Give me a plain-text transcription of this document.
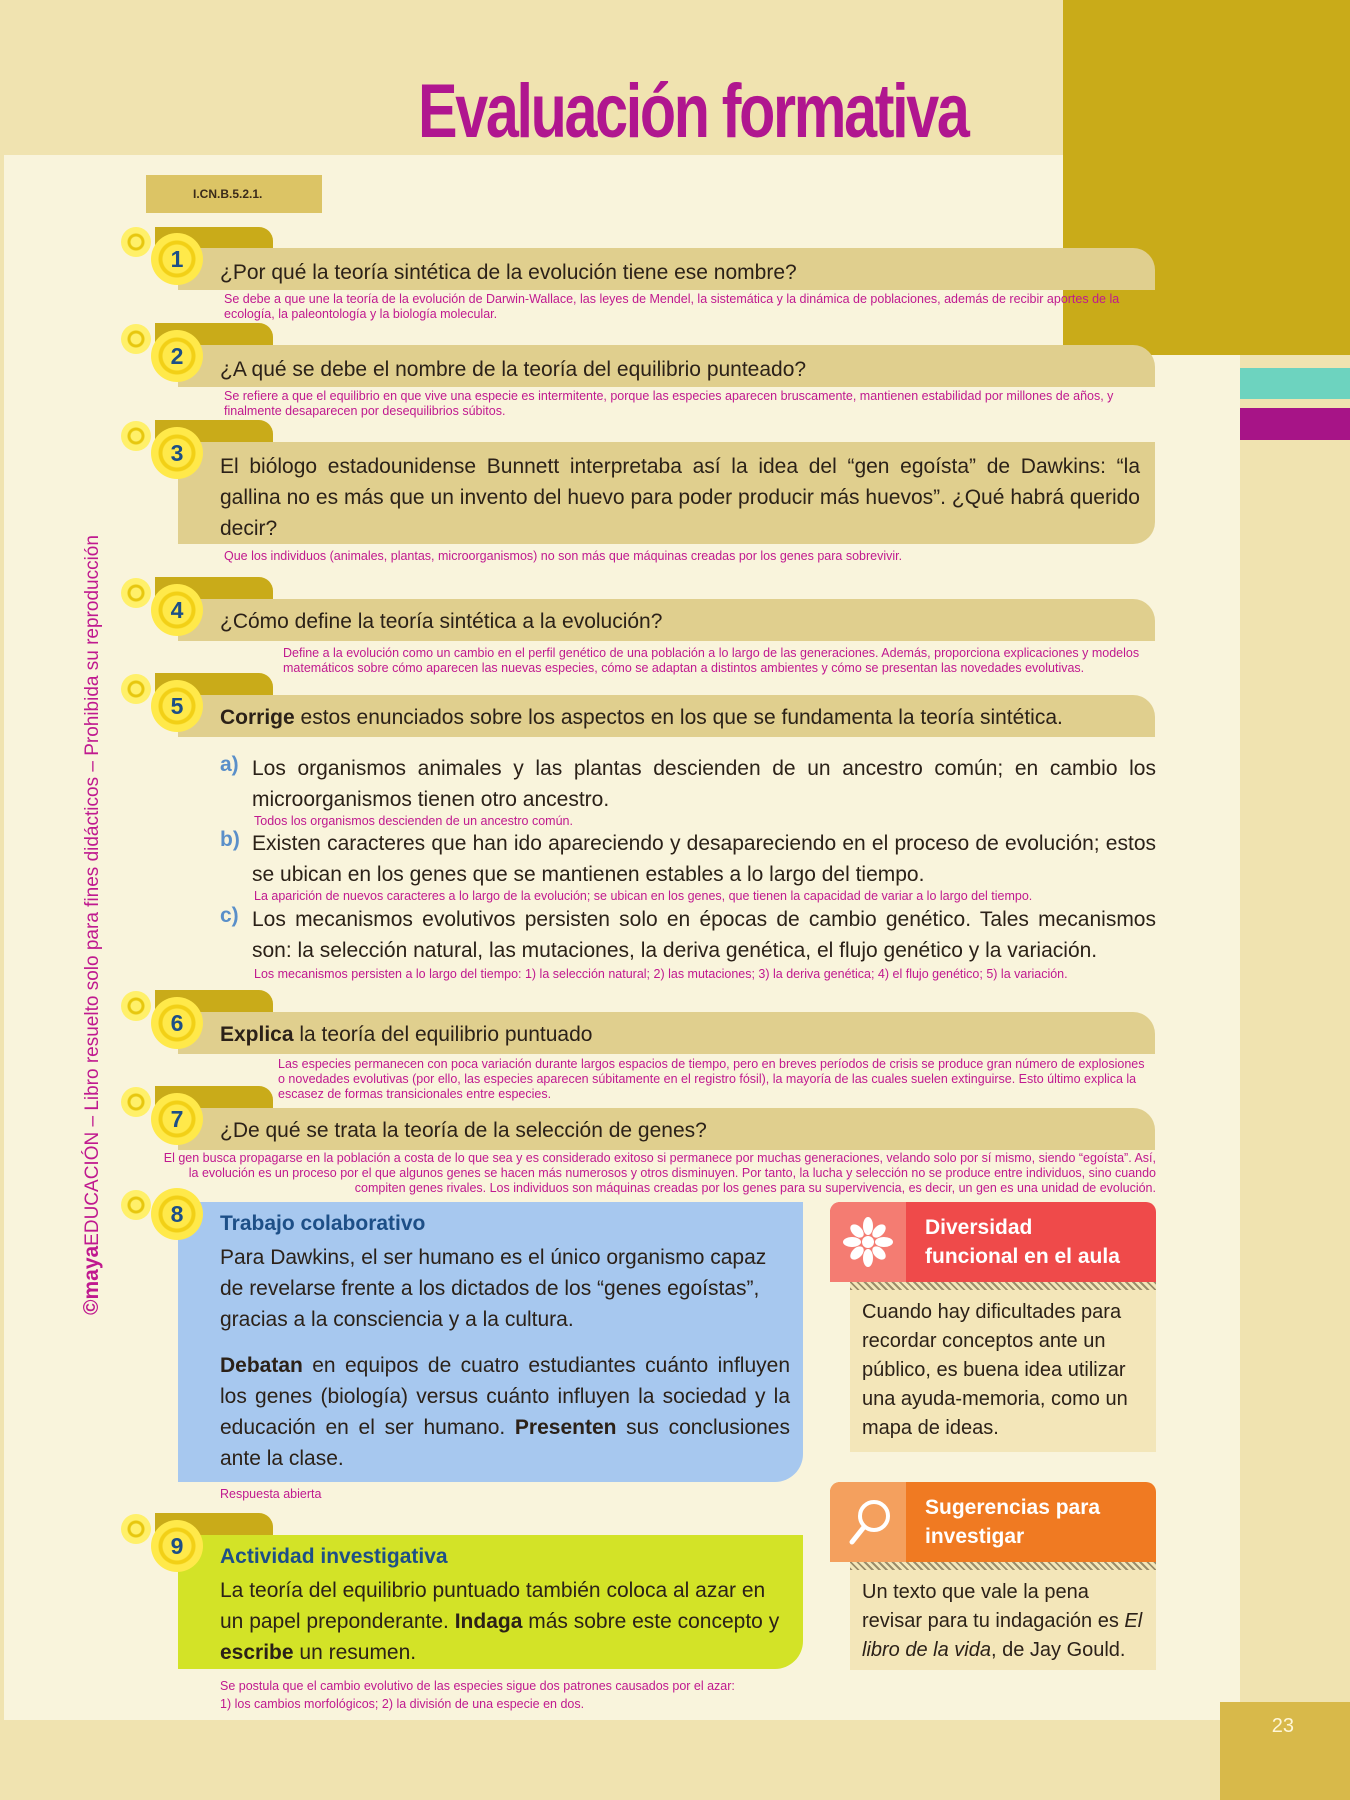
23
Evaluación formativa
I.CN.B.5.2.1.
©mayaEDUCACIÓN – Libro resuelto solo para fines didácticos – Prohibida su reproducción
1
¿Por qué la teoría sintética de la evolución tiene ese nombre?
Se debe a que une la teoría de la evolución de Darwin-Wallace, las leyes de Mendel, la sistemática y la dinámica de poblaciones, además de recibir aportes de la ecología, la paleontología y la biología molecular.
2
¿A qué se debe el nombre de la teoría del equilibrio punteado?
Se refiere a que el equilibrio en que vive una especie es intermitente, porque las especies aparecen bruscamente, mantienen estabilidad por millones de años, y finalmente desaparecen por desequilibrios súbitos.
3
El biólogo estadounidense Bunnett interpretaba así la idea del “gen egoísta” de Dawkins: “la gallina no es más que un invento del huevo para poder producir más huevos”. ¿Qué habrá querido decir?
Que los individuos (animales, plantas, microorganismos) no son más que máquinas creadas por los genes para sobrevivir.
4	¿Cómo define la teoría sintética a la evolución?
Define a la evolución como un cambio en el perfil genético de una población a lo largo de las generaciones. Además, proporciona explicaciones y modelos matemáticos sobre cómo aparecen las nuevas especies, cómo se adaptan a distintos ambientes y cómo se presentan las novedades evolutivas.
5	Corrige estos enunciados sobre los aspectos en los que se fundamenta la teoría sintética.
a) Los organismos animales y las plantas descienden de un ancestro común; en cambio los microorganismos tienen otro ancestro.
Todos los organismos descienden de un ancestro común.
b) Existen caracteres que han ido apareciendo y desapareciendo en el proceso de evolución; estos se ubican en los genes que se mantienen estables a lo largo del tiempo.
La aparición de nuevos caracteres a lo largo de la evolución; se ubican en los genes, que tienen la capacidad de variar a lo largo del tiempo.
c) Los mecanismos evolutivos persisten solo en épocas de cambio genético. Tales mecanismos son: la selección natural, las mutaciones, la deriva genética, el flujo genético y la variación.
Los mecanismos persisten a lo largo del tiempo: 1) la selección natural; 2) las mutaciones; 3) la deriva genética; 4) el flujo genético; 5) la variación.
6	Explica la teoría del equilibrio puntuado
Las especies permanecen con poca variación durante largos espacios de tiempo, pero en breves períodos de crisis se produce gran número de explosiones o novedades evolutivas (por ello, las especies aparecen súbitamente en el registro fósil), la mayoría de las cuales suelen extinguirse. Esto último explica la escasez de formas transicionales entre especies.
7	¿De qué se trata la teoría de la selección de genes?
El gen busca propagarse en la población a costa de lo que sea y es considerado exitoso si permanece por muchas generaciones, velando solo por sí mismo, siendo “egoísta”. Así, la evolución es un proceso por el que algunos genes se hacen más numerosos y otros disminuyen. Por tanto, la lucha y selección no se produce entre individuos, sino cuando compiten genes rivales. Los individuos son máquinas creadas por los genes para su supervivencia, es decir, un gen es una unidad de evolución.
8	Trabajo colaborativo
Para Dawkins, el ser humano es el único organismo capaz de revelarse frente a los dictados de los “genes egoístas”, gracias a la consciencia y a la cultura.
Debatan en equipos de cuatro estudiantes cuánto influyen los genes (biología) versus cuánto influyen la sociedad y la educación en el ser humano. Presenten sus conclusiones ante la clase.
Respuesta abierta
9	Actividad investigativa
La teoría del equilibrio puntuado también coloca al azar en un papel preponderante. Indaga más sobre este concepto y escribe un resumen.
Se postula que el cambio evolutivo de las especies sigue dos patrones causados por el azar:
1) los cambios morfológicos; 2) la división de una especie en dos.
Diversidad
funcional en el aula
Cuando hay dificultades para recordar conceptos ante un público, es buena idea utilizar una ayuda-memoria, como un mapa de ideas.
Sugerencias para
investigar
Un texto que vale la pena revisar para tu indagación es El libro de la vida, de Jay Gould.
